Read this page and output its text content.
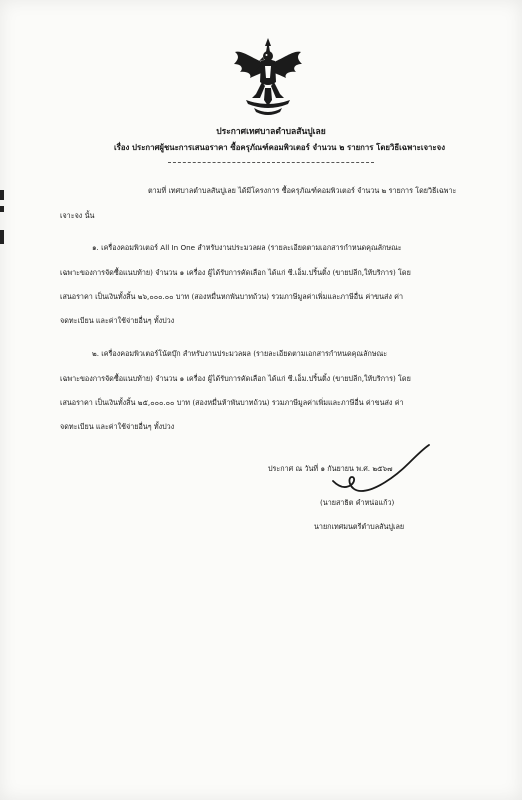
ประกาศเทศบาลตำบลสันปูเลย
เรื่อง ประกาศผู้ชนะการเสนอราคา ซื้อครุภัณฑ์คอมพิวเตอร์ จำนวน ๒ รายการ โดยวิธีเฉพาะเจาะจง
ตามที่ เทศบาลตำบลสันปูเลย ได้มีโครงการ ซื้อครุภัณฑ์คอมพิวเตอร์ จำนวน ๒ รายการ โดยวิธีเฉพาะ
เจาะจง นั้น
๑. เครื่องคอมพิวเตอร์ All In One สำหรับงานประมวลผล (รายละเอียดตามเอกสารกำหนดคุณลักษณะ
เฉพาะของการจัดซื้อแนบท้าย) จำนวน ๑ เครื่อง ผู้ได้รับการคัดเลือก ได้แก่ ซี.เอ็ม.ปริ้นติ้ง (ขายปลีก,ให้บริการ) โดย
เสนอราคา เป็นเงินทั้งสิ้น ๒๖,๐๐๐.๐๐ บาท (สองหมื่นหกพันบาทถ้วน) รวมภาษีมูลค่าเพิ่มและภาษีอื่น ค่าขนส่ง ค่า
จดทะเบียน และค่าใช้จ่ายอื่นๆ ทั้งปวง
๒. เครื่องคอมพิวเตอร์โน้ตบุ๊ก สำหรับงานประมวลผล (รายละเอียดตามเอกสารกำหนดคุณลักษณะ
เฉพาะของการจัดซื้อแนบท้าย) จำนวน ๑ เครื่อง ผู้ได้รับการคัดเลือก ได้แก่ ซี.เอ็ม.ปริ้นติ้ง (ขายปลีก,ให้บริการ) โดย
เสนอราคา เป็นเงินทั้งสิ้น ๒๕,๐๐๐.๐๐ บาท (สองหมื่นห้าพันบาทถ้วน) รวมภาษีมูลค่าเพิ่มและภาษีอื่น ค่าขนส่ง ค่า
จดทะเบียน และค่าใช้จ่ายอื่นๆ ทั้งปวง
ประกาศ ณ วันที่ ๑ กันยายน พ.ศ. ๒๕๖๗
(นายสาธิต คำหน่อแก้ว)
นายกเทศมนตรีตำบลสันปูเลย
